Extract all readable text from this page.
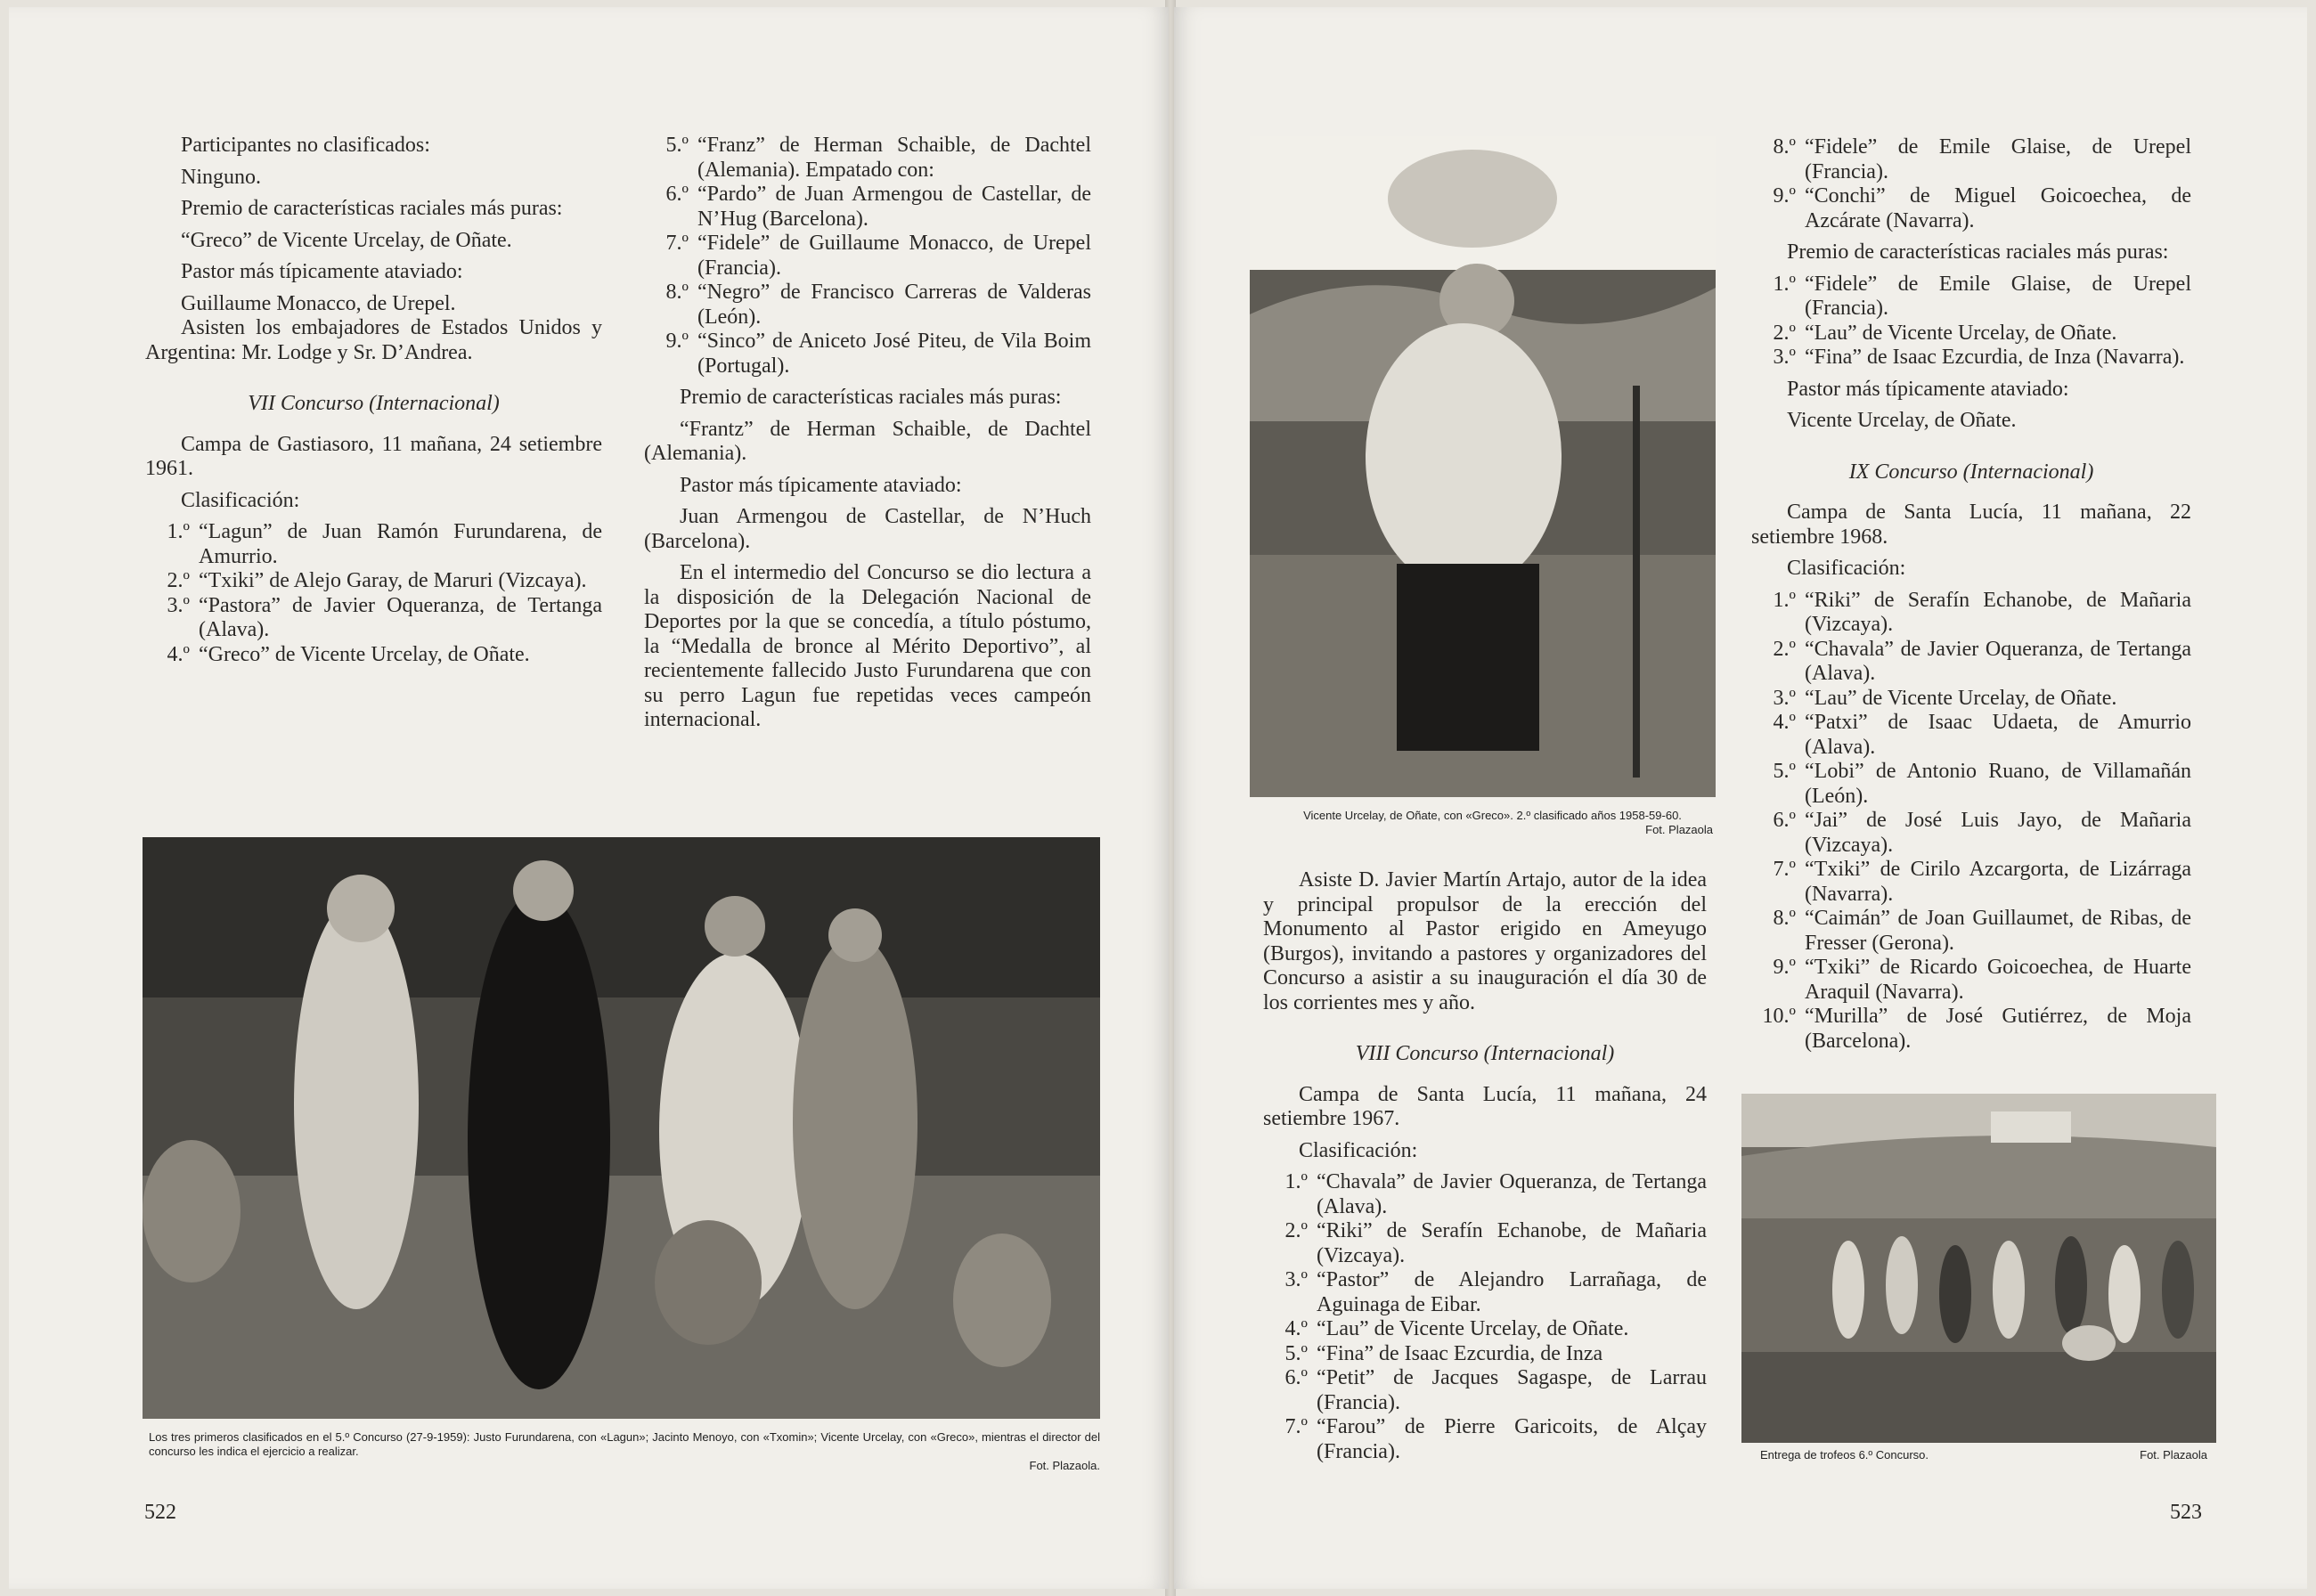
Participantes no clasificados:

Ninguno.

Premio de características raciales más puras:

“Greco” de Vicente Urcelay, de Oñate.

Pastor más típicamente ataviado:

Guillaume Monacco, de Urepel.

Asisten los embajadores de Estados Unidos y Argentina: Mr. Lodge y Sr. D’Andrea.

VII Concurso (Internacional)

Campa de Gastiasoro, 11 mañana, 24 setiembre 1961.

Clasificación:

1.º “Lagun” de Juan Ramón Furundarena, de Amurrio.
2.º “Txiki” de Alejo Garay, de Maruri (Vizcaya).
3.º “Pastora” de Javier Oqueranza, de Tertanga (Alava).
4.º “Greco” de Vicente Urcelay, de Oñate.
5.º “Franz” de Herman Schaible, de Dachtel (Alemania). Empatado con:
6.º “Pardo” de Juan Armengou de Castellar, de N’Hug (Barcelona).
7.º “Fidele” de Guillaume Monacco, de Urepel (Francia).
8.º “Negro” de Francisco Carreras de Valderas (León).
9.º “Sinco” de Aniceto José Piteu, de Vila Boim (Portugal).

Premio de características raciales más puras:

“Frantz” de Herman Schaible, de Dachtel (Alemania).

Pastor más típicamente ataviado:

Juan Armengou de Castellar, de N’Huch (Barcelona).

En el intermedio del Concurso se dio lectura a la disposición de la Delegación Nacional de Deportes por la que se concedía, a título póstumo, la “Medalla de bronce al Mérito Deportivo”, al recientemente fallecido Justo Furundarena que con su perro Lagun fue repetidas veces campeón internacional.

Los tres primeros clasificados en el 5.º Concurso (27-9-1959): Justo Furundarena, con «Lagun»; Jacinto Menoyo, con «Txomin»; Vicente Urcelay, con «Greco», mientras el director del concurso les indica el ejercicio a realizar.
Fot. Plazaola.
522
Vicente Urcelay, de Oñate, con «Greco». 2.º clasificado años 1958-59-60.
Fot. Plazaola

Asiste D. Javier Martín Artajo, autor de la idea y principal propulsor de la erección del Monumento al Pastor erigido en Ameyugo (Burgos), invitando a pastores y organizadores del Concurso a asistir a su inauguración el día 30 de los corrientes mes y año.

VIII Concurso (Internacional)

Campa de Santa Lucía, 11 mañana, 24 setiembre 1967.

Clasificación:

1.º “Chavala” de Javier Oqueranza, de Tertanga (Alava).
2.º “Riki” de Serafín Echanobe, de Mañaria (Vizcaya).
3.º “Pastor” de Alejandro Larrañaga, de Aguinaga de Eibar.
4.º “Lau” de Vicente Urcelay, de Oñate.
5.º “Fina” de Isaac Ezcurdia, de Inza
6.º “Petit” de Jacques Sagaspe, de Larrau (Francia).
7.º “Farou” de Pierre Garicoits, de Alçay (Francia).
8.º “Fidele” de Emile Glaise, de Urepel (Francia).
9.º “Conchi” de Miguel Goicoechea, de Azcárate (Navarra).

Premio de características raciales más puras:

1.º “Fidele” de Emile Glaise, de Urepel (Francia).
2.º “Lau” de Vicente Urcelay, de Oñate.
3.º “Fina” de Isaac Ezcurdia, de Inza (Navarra).

Pastor más típicamente ataviado:

Vicente Urcelay, de Oñate.

IX Concurso (Internacional)

Campa de Santa Lucía, 11 mañana, 22 setiembre 1968.

Clasificación:

1.º “Riki” de Serafín Echanobe, de Mañaria (Vizcaya).
2.º “Chavala” de Javier Oqueranza, de Tertanga (Alava).
3.º “Lau” de Vicente Urcelay, de Oñate.
4.º “Patxi” de Isaac Udaeta, de Amurrio (Alava).
5.º “Lobi” de Antonio Ruano, de Villamañán (León).
6.º “Jai” de José Luis Jayo, de Mañaria (Vizcaya).
7.º “Txiki” de Cirilo Azcargorta, de Lizárraga (Navarra).
8.º “Caimán” de Joan Guillaumet, de Ribas, de Fresser (Gerona).
9.º “Txiki” de Ricardo Goicoechea, de Huarte Araquil (Navarra).
10.º “Murilla” de José Gutiérrez, de Moja (Barcelona).
Entrega de trofeos 6.º Concurso.	Fot. Plazaola
523
